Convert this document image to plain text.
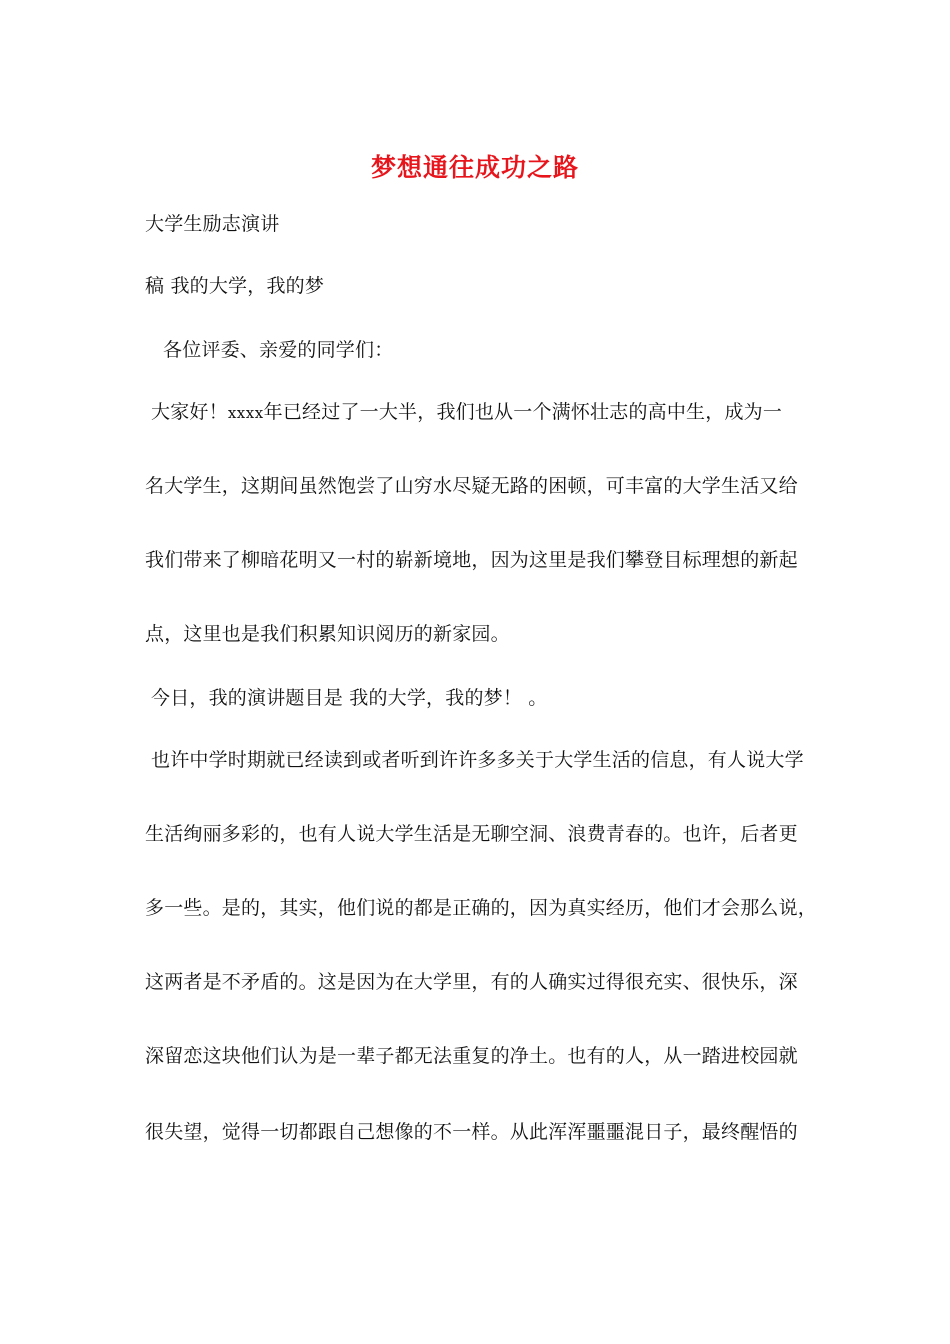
梦想通往成功之路
大学生励志演讲
稿 我的大学，我的梦
各位评委、亲爱的同学们：
大家好！xxxx年已经过了一大半，我们也从一个满怀壮志的高中生，成为一
名大学生，这期间虽然饱尝了山穷水尽疑无路的困顿，可丰富的大学生活又给
我们带来了柳暗花明又一村的崭新境地，因为这里是我们攀登目标理想的新起
点，这里也是我们积累知识阅历的新家园。
今日，我的演讲题目是 我的大学，我的梦！ 。
也许中学时期就已经读到或者听到许许多多关于大学生活的信息，有人说大学
生活绚丽多彩的，也有人说大学生活是无聊空洞、浪费青春的。也许，后者更
多一些。是的，其实，他们说的都是正确的，因为真实经历，他们才会那么说，
这两者是不矛盾的。这是因为在大学里，有的人确实过得很充实、很快乐，深
深留恋这块他们认为是一辈子都无法重复的净土。也有的人，从一踏进校园就
很失望，觉得一切都跟自己想像的不一样。从此浑浑噩噩混日子，最终醒悟的
